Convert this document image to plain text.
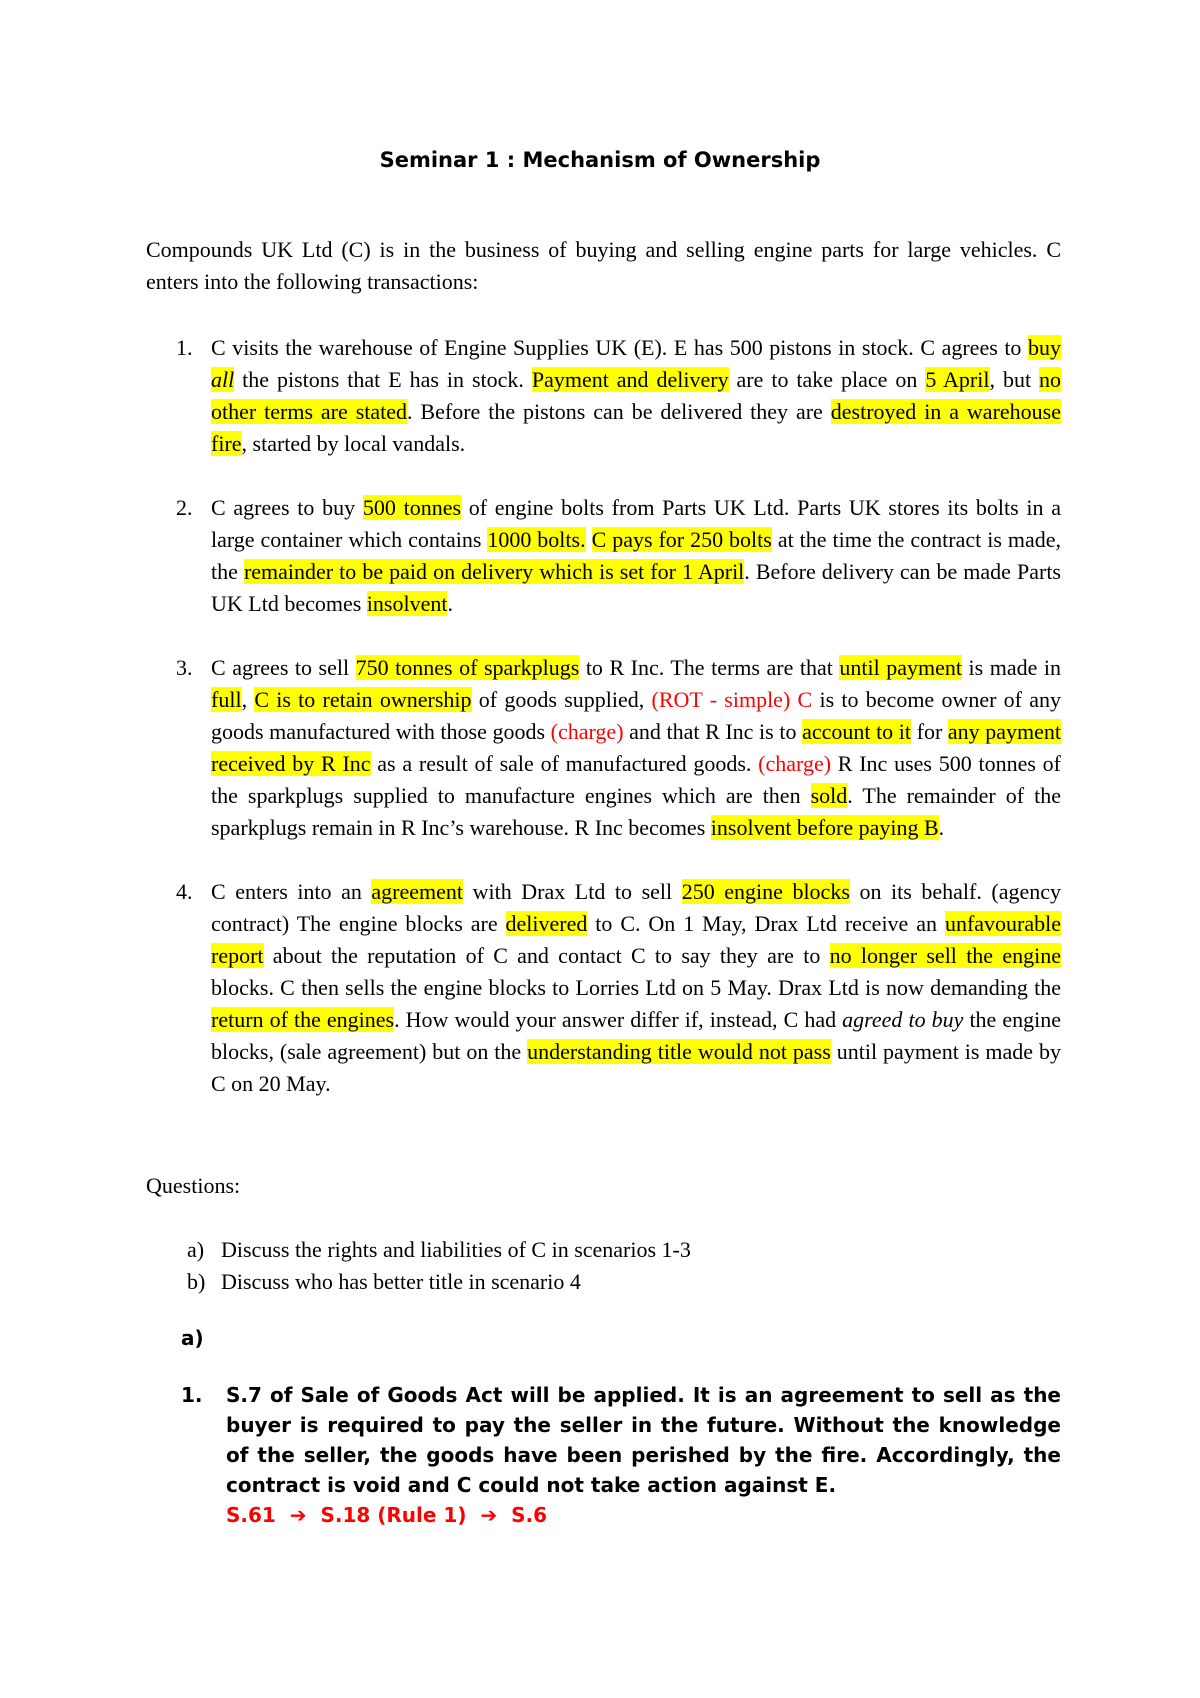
Seminar 1 : Mechanism of Ownership
Compounds UK Ltd (C) is in the business of buying and selling engine parts for large vehicles. C enters into the following transactions:
1. C visits the warehouse of Engine Supplies UK (E). E has 500 pistons in stock. C agrees to buy all the pistons that E has in stock. Payment and delivery are to take place on 5 April, but no other terms are stated. Before the pistons can be delivered they are destroyed in a warehouse fire, started by local vandals.
2. C agrees to buy 500 tonnes of engine bolts from Parts UK Ltd. Parts UK stores its bolts in a large container which contains 1000 bolts. C pays for 250 bolts at the time the contract is made, the remainder to be paid on delivery which is set for 1 April. Before delivery can be made Parts UK Ltd becomes insolvent.
3. C agrees to sell 750 tonnes of sparkplugs to R Inc. The terms are that until payment is made in full, C is to retain ownership of goods supplied, (ROT - simple) C is to become owner of any goods manufactured with those goods (charge) and that R Inc is to account to it for any payment received by R Inc as a result of sale of manufactured goods. (charge) R Inc uses 500 tonnes of the sparkplugs supplied to manufacture engines which are then sold. The remainder of the sparkplugs remain in R Inc’s warehouse. R Inc becomes insolvent before paying B.
4. C enters into an agreement with Drax Ltd to sell 250 engine blocks on its behalf. (agency contract) The engine blocks are delivered to C. On 1 May, Drax Ltd receive an unfavourable report about the reputation of C and contact C to say they are to no longer sell the engine blocks. C then sells the engine blocks to Lorries Ltd on 5 May. Drax Ltd is now demanding the return of the engines. How would your answer differ if, instead, C had agreed to buy the engine blocks, (sale agreement) but on the understanding title would not pass until payment is made by C on 20 May.
Questions:
a) Discuss the rights and liabilities of C in scenarios 1-3
b) Discuss who has better title in scenario 4
a)
1. S.7 of Sale of Goods Act will be applied. It is an agreement to sell as the buyer is required to pay the seller in the future. Without the knowledge of the seller, the goods have been perished by the fire. Accordingly, the contract is void and C could not take action against E.
S.61  ➔  S.18 (Rule 1)  ➔  S.6
